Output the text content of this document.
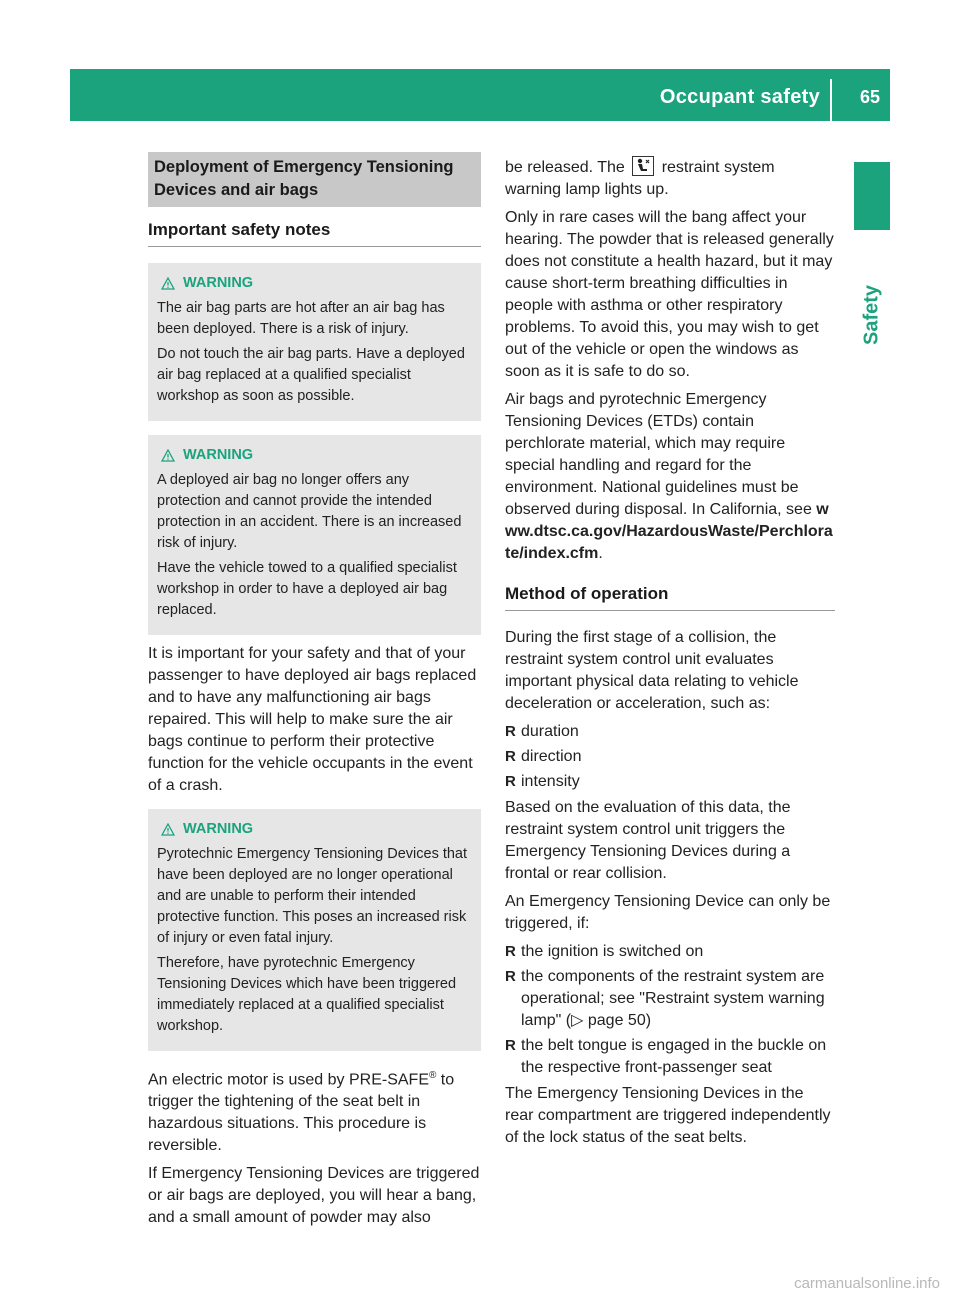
Occupant safety 65
Safety
Deployment of Emergency Tensioning Devices and air bags
Important safety notes
WARNING

The air bag parts are hot after an air bag has been deployed. There is a risk of injury.

Do not touch the air bag parts. Have a deployed air bag replaced at a qualified specialist workshop as soon as possible.

WARNING

A deployed air bag no longer offers any protection and cannot provide the intended protection in an accident. There is an increased risk of injury.

Have the vehicle towed to a qualified specialist workshop in order to have a deployed air bag replaced.

It is important for your safety and that of your passenger to have deployed air bags replaced and to have any malfunctioning air bags repaired. This will help to make sure the air bags continue to perform their protective function for the vehicle occupants in the event of a crash.

WARNING

Pyrotechnic Emergency Tensioning Devices that have been deployed are no longer operational and are unable to perform their intended protective function. This poses an increased risk of injury or even fatal injury.

Therefore, have pyrotechnic Emergency Tensioning Devices which have been triggered immediately replaced at a qualified specialist workshop.

An electric motor is used by PRE-SAFE® to trigger the tightening of the seat belt in hazardous situations. This procedure is reversible.

If Emergency Tensioning Devices are triggered or air bags are deployed, you will hear a bang, and a small amount of powder may also

be released. The restraint system warning lamp lights up.

Only in rare cases will the bang affect your hearing. The powder that is released generally does not constitute a health hazard, but it may cause short-term breathing difficulties in people with asthma or other respiratory problems. To avoid this, you may wish to get out of the vehicle or open the windows as soon as it is safe to do so.

Air bags and pyrotechnic Emergency Tensioning Devices (ETDs) contain perchlorate material, which may require special handling and regard for the environment. National guidelines must be observed during disposal. In California, see www.dtsc.ca.gov/HazardousWaste/Perchlorate/index.cfm.

Method of operation

During the first stage of a collision, the restraint system control unit evaluates important physical data relating to vehicle deceleration or acceleration, such as:

R duration
R direction
R intensity

Based on the evaluation of this data, the restraint system control unit triggers the Emergency Tensioning Devices during a frontal or rear collision.

An Emergency Tensioning Device can only be triggered, if:

R the ignition is switched on
R the components of the restraint system are operational; see "Restraint system warning lamp" (▷ page 50)
R the belt tongue is engaged in the buckle on the respective front-passenger seat

The Emergency Tensioning Devices in the rear compartment are triggered independently of the lock status of the seat belts.

carmanualsonline.info
